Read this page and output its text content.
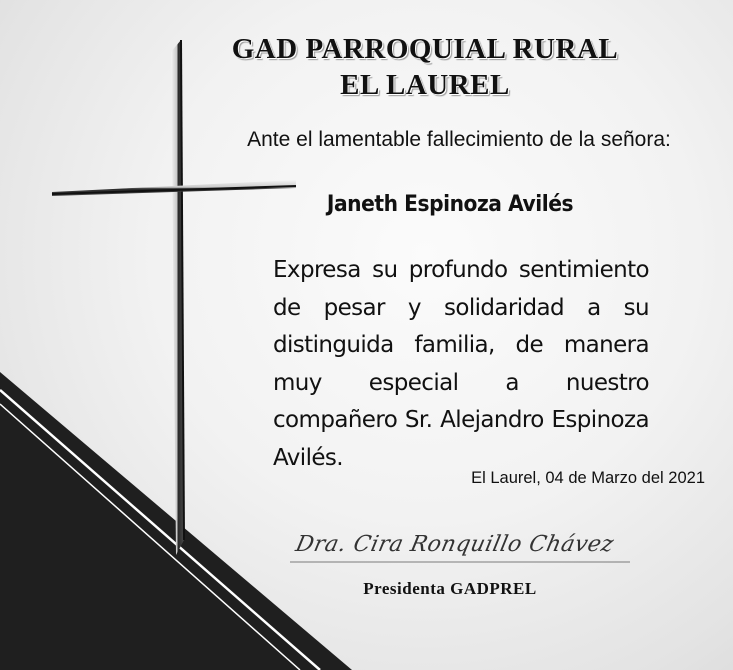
GAD PARROQUIAL RURAL
EL LAUREL
Ante el lamentable fallecimiento de la señora:
Janeth Espinoza Avilés
Expresa su profundo sentimiento de pesar y solidaridad a su distinguida familia, de manera muy especial a nuestro compañero Sr. Alejandro Espinoza Avilés.
El Laurel, 04 de Marzo del 2021
Dra. Cira Ronquillo Chávez
Presidenta GADPREL
